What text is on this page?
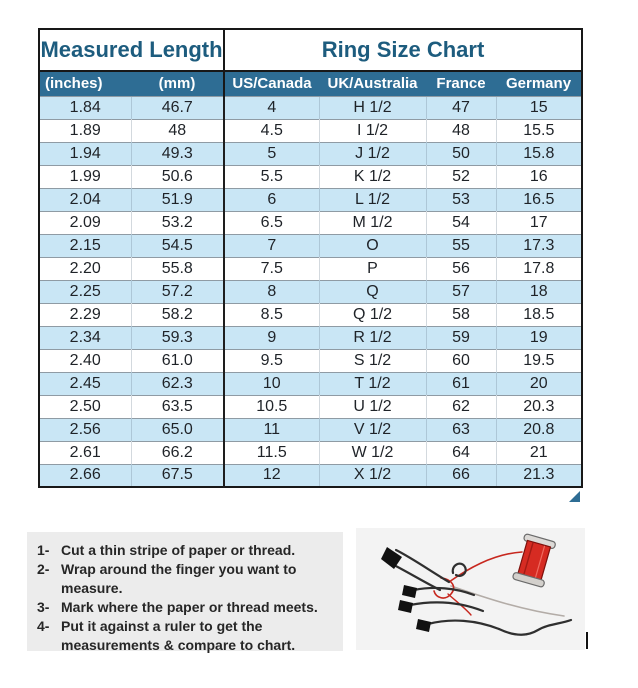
Measured Length		Ring Size Chart			
(inches)	(mm)	US/Canada	UK/Australia	France	Germany
1.84	46.7	4	H 1/2	47	15
1.89	48	4.5	I 1/2	48	15.5
1.94	49.3	5	J 1/2	50	15.8
1.99	50.6	5.5	K 1/2	52	16
2.04	51.9	6	L 1/2	53	16.5
2.09	53.2	6.5	M 1/2	54	17
2.15	54.5	7	O	55	17.3
2.20	55.8	7.5	P	56	17.8
2.25	57.2	8	Q	57	18
2.29	58.2	8.5	Q 1/2	58	18.5
2.34	59.3	9	R 1/2	59	19
2.40	61.0	9.5	S 1/2	60	19.5
2.45	62.3	10	T 1/2	61	20
2.50	63.5	10.5	U 1/2	62	20.3
2.56	65.0	11	V 1/2	63	20.8
2.61	66.2	11.5	W 1/2	64	21
2.66	67.5	12	X 1/2	66	21.3
1- Cut a thin stripe of paper or thread.
2- Wrap around the finger you want to measure.
3- Mark where the paper or thread meets.
4- Put it against a ruler to get the measurements & compare to chart.
